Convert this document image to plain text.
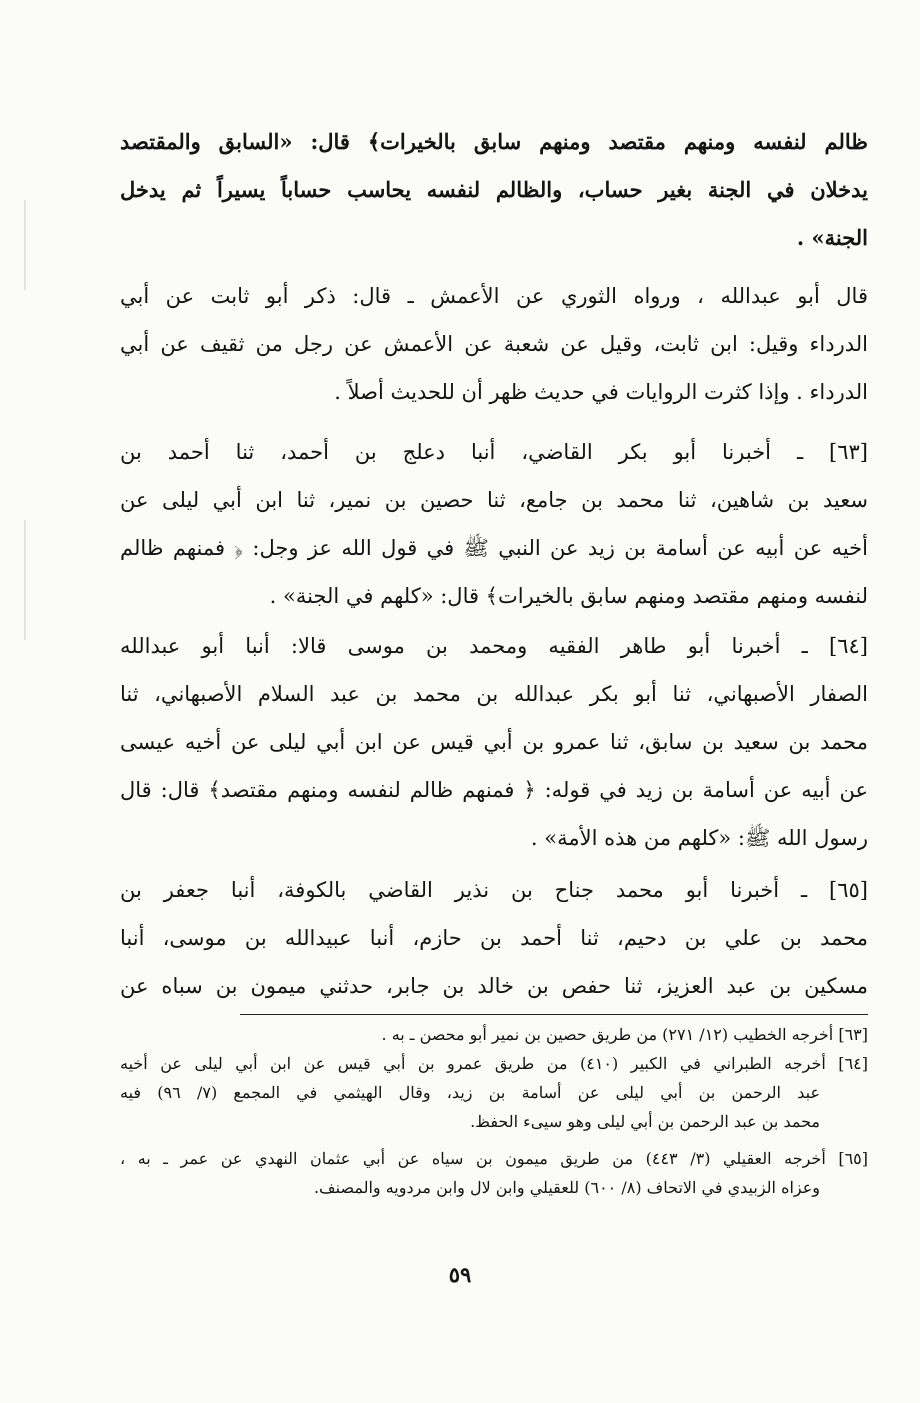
ظالم لنفسه ومنهم مقتصد ومنهم سابق بالخيرات﴾ قال: «السابق والمقتصد
يدخلان في الجنة بغير حساب، والظالم لنفسه يحاسب حساباً يسيراً ثم يدخل
الجنة» .
قال أبو عبدالله ، ورواه الثوري عن الأعمش ـ قال: ذكر أبو ثابت عن أبي
الدرداء وقيل: ابن ثابت، وقيل عن شعبة عن الأعمش عن رجل من ثقيف عن أبي
الدرداء . وإذا كثرت الروايات في حديث ظهر أن للحديث أصلاً .
[٦٣] ـ أخبرنا أبو بكر القاضي، أنبا دعلج بن أحمد، ثنا أحمد بن
سعيد بن شاهين، ثنا محمد بن جامع، ثنا حصين بن نمير، ثنا ابن أبي ليلى عن
أخيه عن أبيه عن أسامة بن زيد عن النبي ﷺ في قول الله عز وجل: ﴿ فمنهم ظالم
لنفسه ومنهم مقتصد ومنهم سابق بالخيرات﴾ قال: «كلهم في الجنة» .
[٦٤] ـ أخبرنا أبو طاهر الفقيه ومحمد بن موسى قالا: أنبا أبو عبدالله
الصفار الأصبهاني، ثنا أبو بكر عبدالله بن محمد بن عبد السلام الأصبهاني، ثنا
محمد بن سعيد بن سابق، ثنا عمرو بن أبي قيس عن ابن أبي ليلى عن أخيه عيسى
عن أبيه عن أسامة بن زيد في قوله: ﴿ فمنهم ظالم لنفسه ومنهم مقتصد﴾ قال: قال
رسول الله ﷺ: «كلهم من هذه الأمة» .
[٦٥] ـ أخبرنا أبو محمد جناح بن نذير القاضي بالكوفة، أنبا جعفر بن
محمد بن علي بن دحيم، ثنا أحمد بن حازم، أنبا عبيدالله بن موسى، أنبا
مسكين بن عبد العزيز، ثنا حفص بن خالد بن جابر، حدثني ميمون بن سباه عن
[٦٣] أخرجه الخطيب (١٢/ ٢٧١) من طريق حصين بن نمير أبو محصن ـ به .
[٦٤] أخرجه الطبراني في الكبير (٤١٠) من طريق عمرو بن أبي قيس عن ابن أبي ليلى عن أخيه
عبد الرحمن بن أبي ليلى عن أسامة بن زيد، وقال الهيثمي في المجمع (٧/ ٩٦) فيه
محمد بن عبد الرحمن بن أبي ليلى وهو سيىء الحفظ.
[٦٥] أخرجه العقيلي (٣/ ٤٤٣) من طريق ميمون بن سياه عن أبي عثمان النهدي عن عمر ـ به ،
وعزاه الزبيدي في الاتحاف (٨/ ٦٠٠) للعقيلي وابن لال وابن مردويه والمصنف.
٥٩
